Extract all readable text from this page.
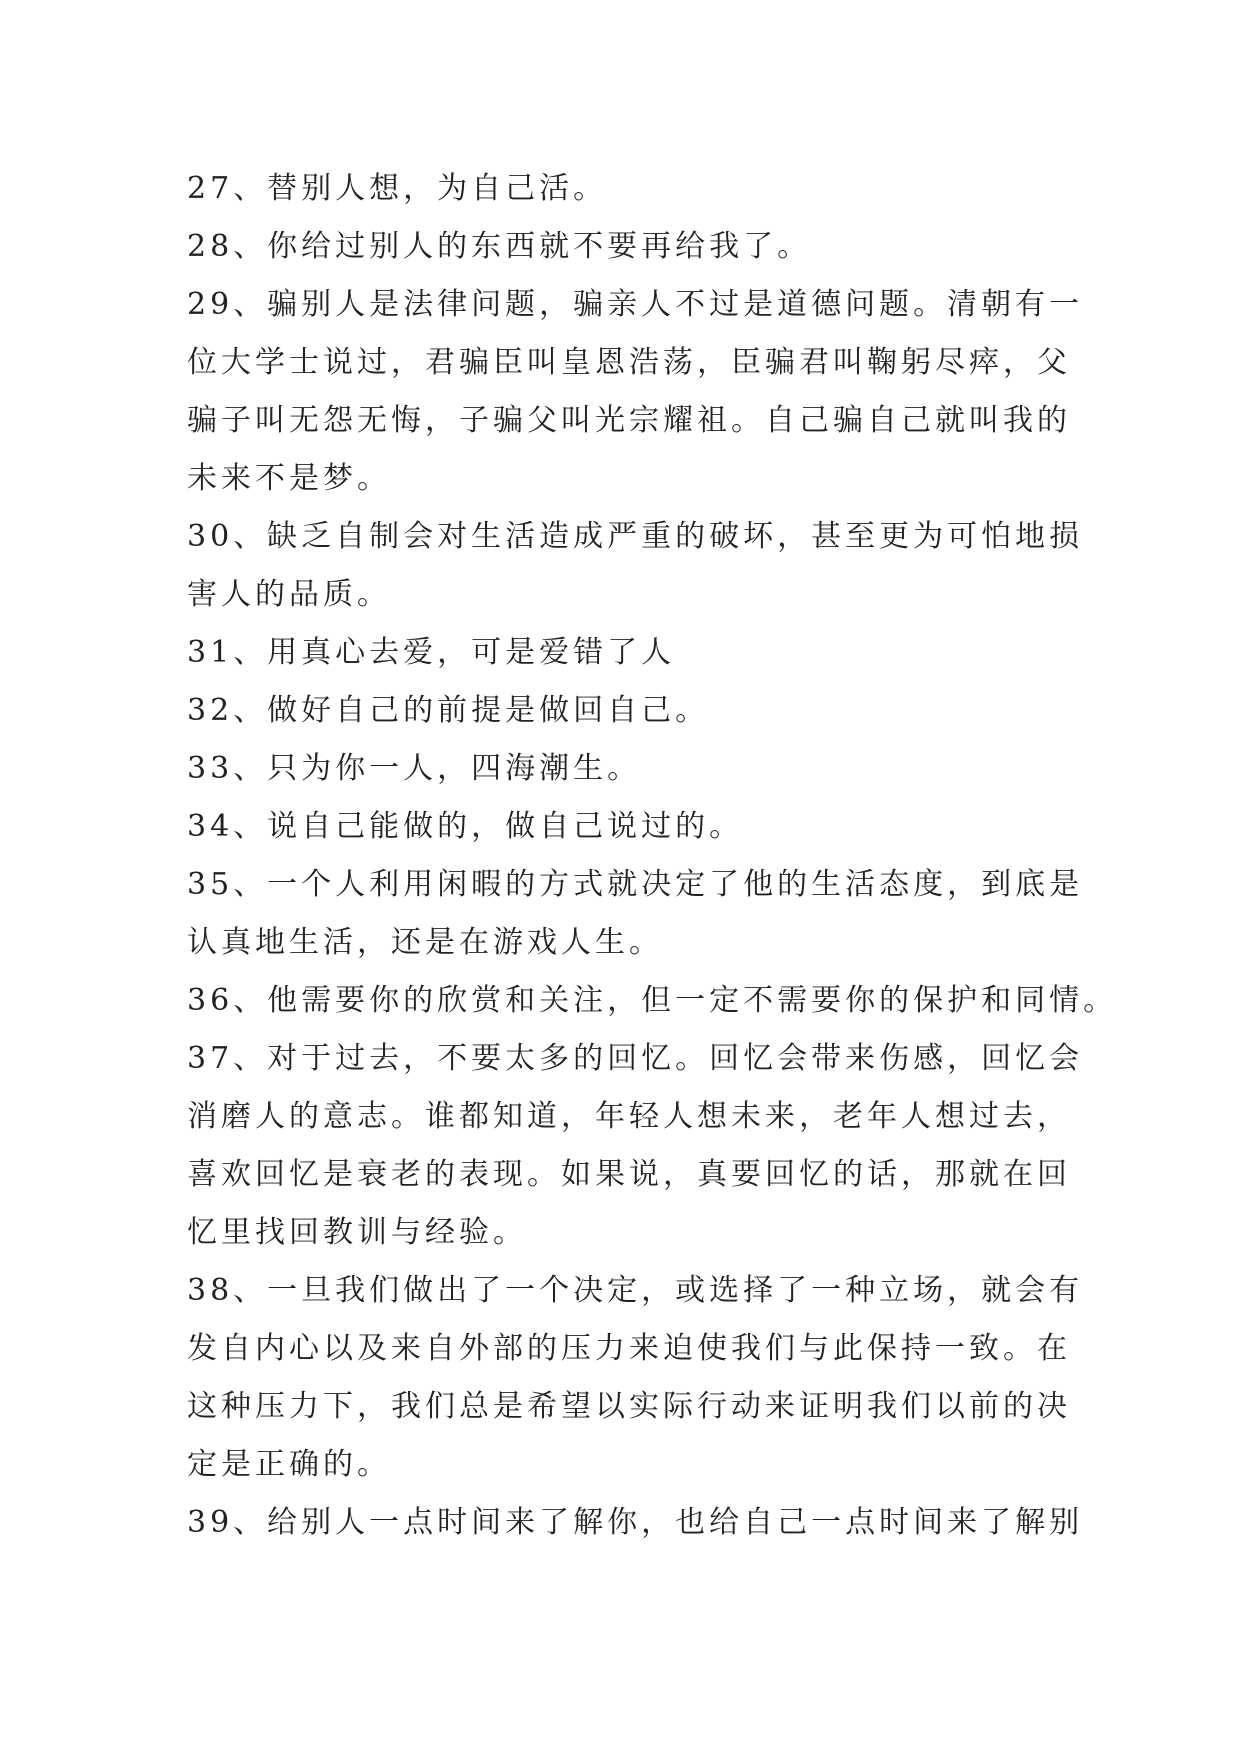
27、替别人想，为自己活。
28、你给过别人的东西就不要再给我了。
29、骗别人是法律问题，骗亲人不过是道德问题。清朝有一
位大学士说过，君骗臣叫皇恩浩荡，臣骗君叫鞠躬尽瘁，父
骗子叫无怨无悔，子骗父叫光宗耀祖。自己骗自己就叫我的
未来不是梦。
30、缺乏自制会对生活造成严重的破坏，甚至更为可怕地损
害人的品质。
31、用真心去爱，可是爱错了人
32、做好自己的前提是做回自己。
33、只为你一人，四海潮生。
34、说自己能做的，做自己说过的。
35、一个人利用闲暇的方式就决定了他的生活态度，到底是
认真地生活，还是在游戏人生。
36、他需要你的欣赏和关注，但一定不需要你的保护和同情。
37、对于过去，不要太多的回忆。回忆会带来伤感，回忆会
消磨人的意志。谁都知道，年轻人想未来，老年人想过去，
喜欢回忆是衰老的表现。如果说，真要回忆的话，那就在回
忆里找回教训与经验。
38、一旦我们做出了一个决定，或选择了一种立场，就会有
发自内心以及来自外部的压力来迫使我们与此保持一致。在
这种压力下，我们总是希望以实际行动来证明我们以前的决
定是正确的。
39、给别人一点时间来了解你，也给自己一点时间来了解别
